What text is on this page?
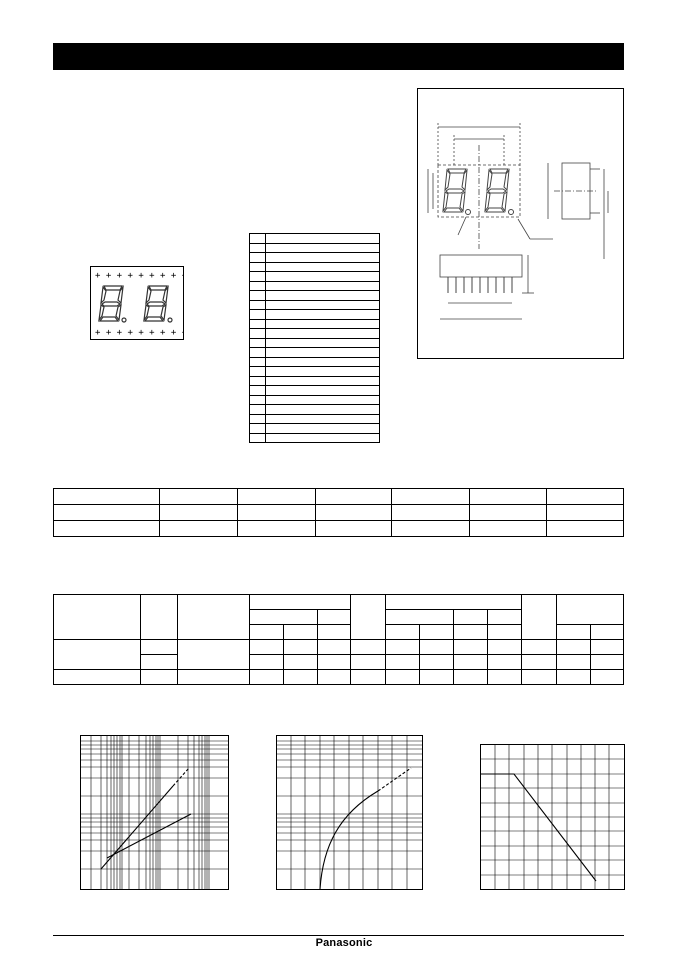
+ + + + + + + + +
+ + + + + + + + +

Panasonic
